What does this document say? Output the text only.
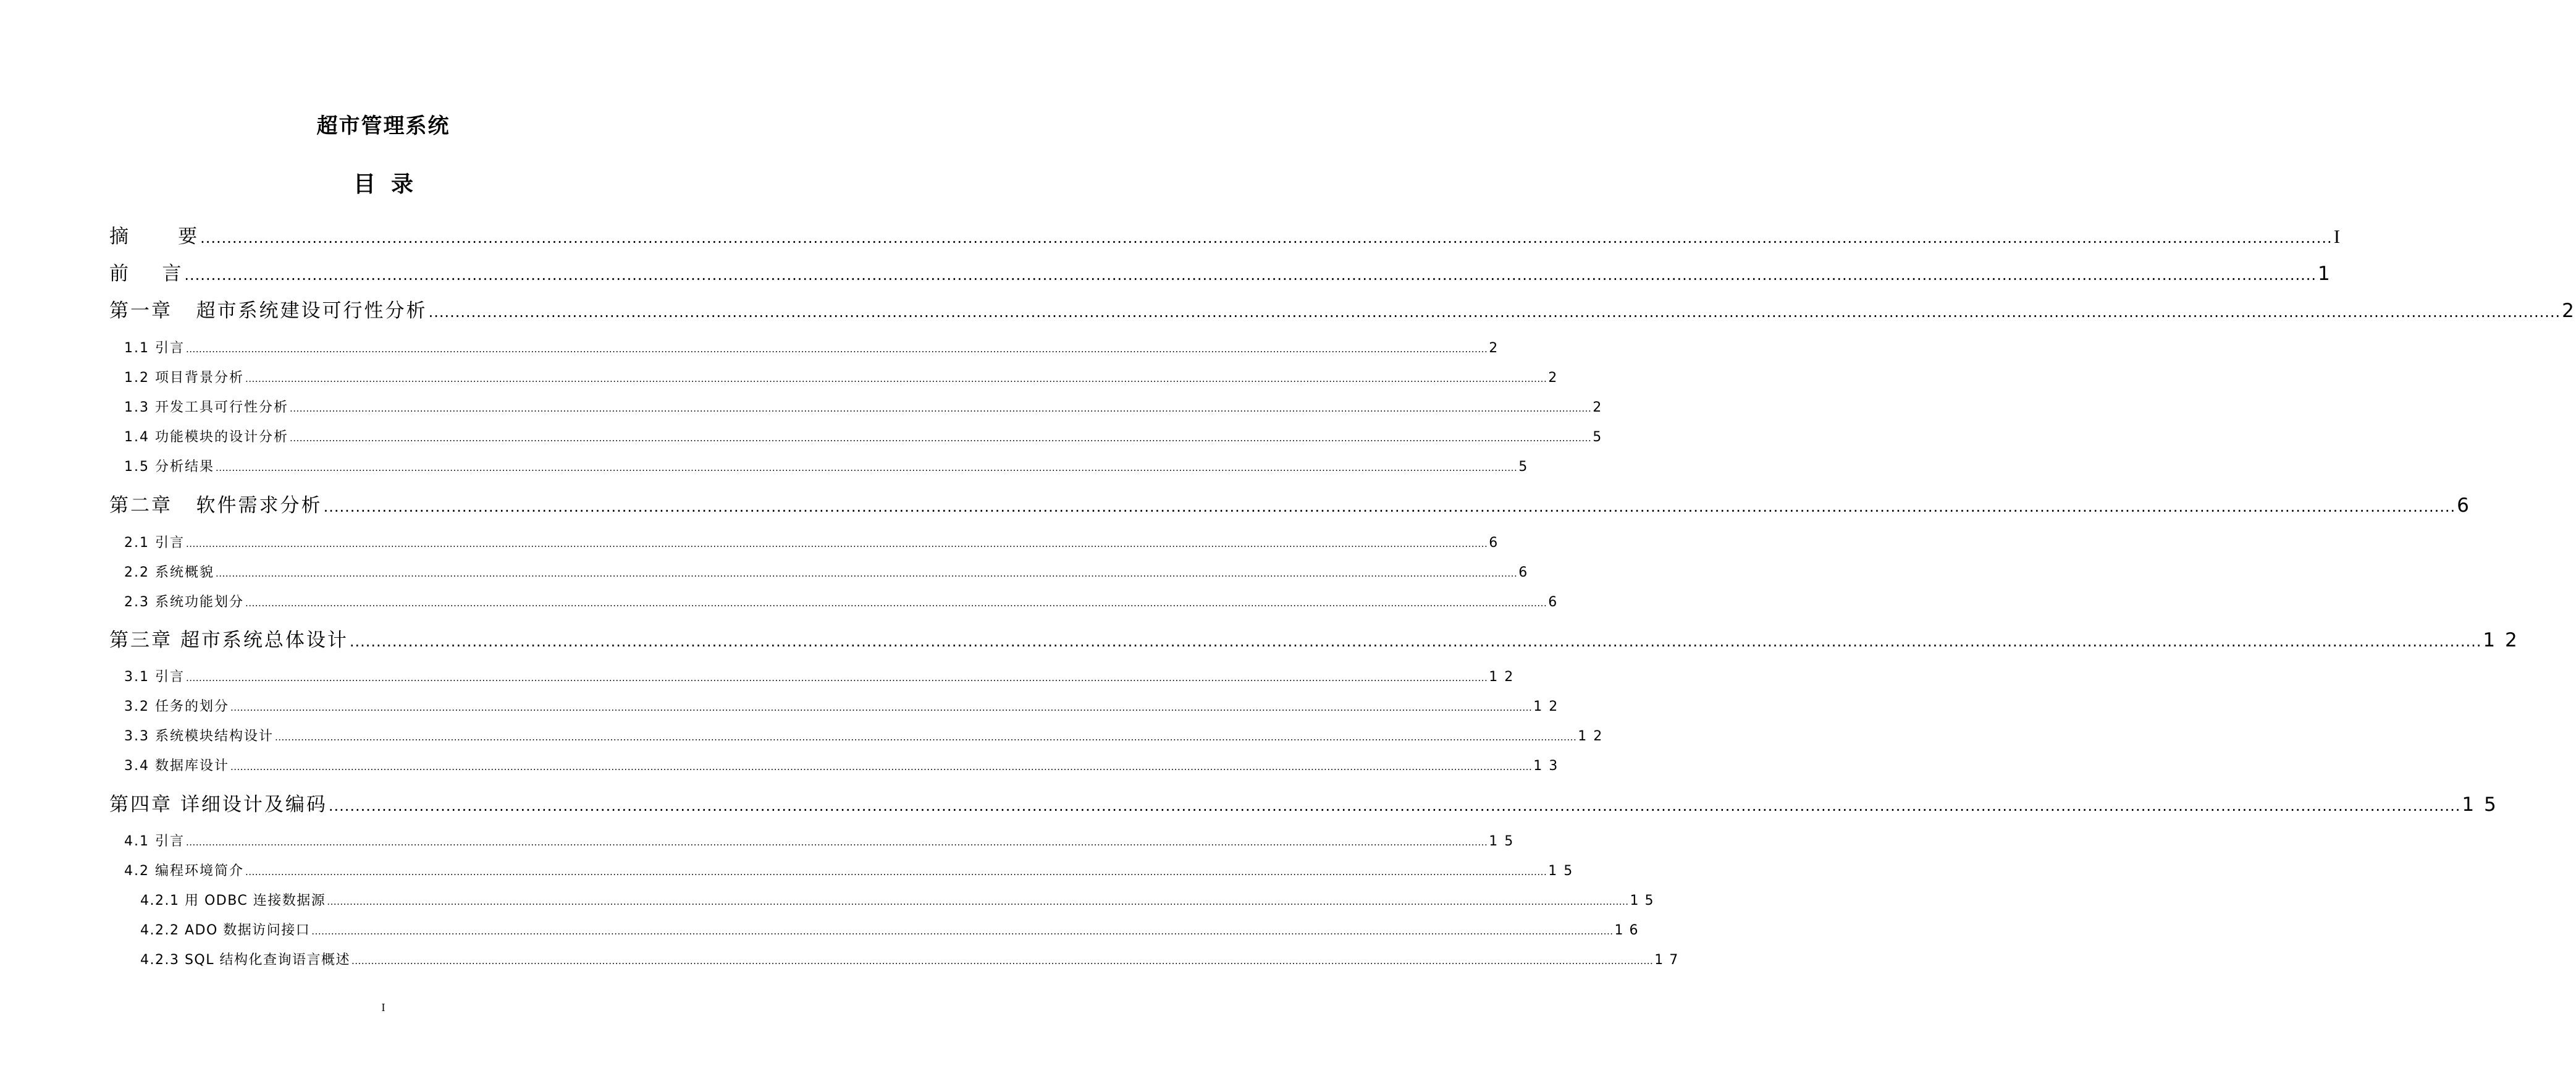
超市管理系统
目  录
摘      要 ................................................................................................................................................................................................................................................................................................................................................................................................................ I
前    言 ................................................................................................................................................................................................................................................................................................................................................................................................................ 1
第一章   超市系统建设可行性分析 ................................................................................................................................................................................................................................................................................................................................................................................................................ 2
1.1 引言 ................................................................................................................................................................................................................................................................................................................................................................................................................ 2
1.2 项目背景分析 ................................................................................................................................................................................................................................................................................................................................................................................................................ 2
1.3 开发工具可行性分析 ................................................................................................................................................................................................................................................................................................................................................................................................................ 2
1.4 功能模块的设计分析 ................................................................................................................................................................................................................................................................................................................................................................................................................ 5
1.5 分析结果 ................................................................................................................................................................................................................................................................................................................................................................................................................ 5
第二章   软件需求分析 ................................................................................................................................................................................................................................................................................................................................................................................................................ 6
2.1 引言 ................................................................................................................................................................................................................................................................................................................................................................................................................ 6
2.2 系统概貌 ................................................................................................................................................................................................................................................................................................................................................................................................................ 6
2.3 系统功能划分 ................................................................................................................................................................................................................................................................................................................................................................................................................ 6
第三章 超市系统总体设计 ................................................................................................................................................................................................................................................................................................................................................................................................................ 1 2
3.1 引言 ................................................................................................................................................................................................................................................................................................................................................................................................................ 1 2
3.2 任务的划分 ................................................................................................................................................................................................................................................................................................................................................................................................................ 1 2
3.3 系统模块结构设计 ................................................................................................................................................................................................................................................................................................................................................................................................................ 1 2
3.4 数据库设计 ................................................................................................................................................................................................................................................................................................................................................................................................................ 1 3
第四章 详细设计及编码 ................................................................................................................................................................................................................................................................................................................................................................................................................ 1 5
4.1 引言 ................................................................................................................................................................................................................................................................................................................................................................................................................ 1 5
4.2 编程环境简介 ................................................................................................................................................................................................................................................................................................................................................................................................................ 1 5
4.2.1 用 ODBC 连接数据源 ................................................................................................................................................................................................................................................................................................................................................................................................................ 1 5
4.2.2 ADO 数据访问接口 ................................................................................................................................................................................................................................................................................................................................................................................................................ 1 6
4.2.3 SQL 结构化查询语言概述 ................................................................................................................................................................................................................................................................................................................................................................................................................ 1 7
I
